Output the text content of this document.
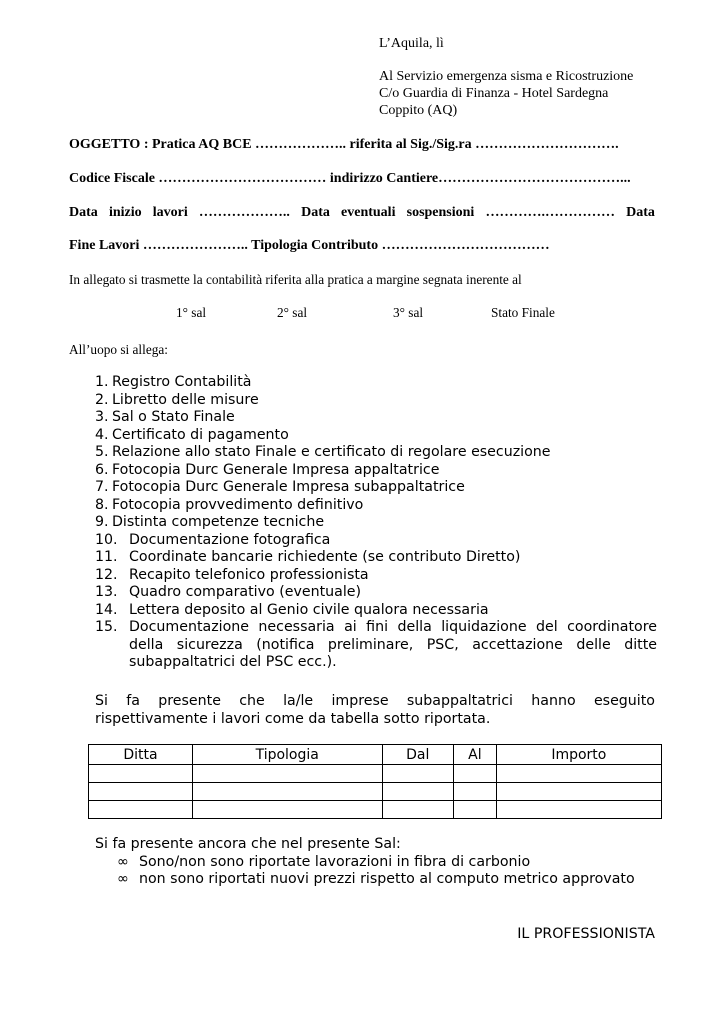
L’Aquila, lì
Al Servizio emergenza sisma e Ricostruzione
C/o Guardia di Finanza - Hotel Sardegna
Coppito (AQ)
OGGETTO : Pratica AQ BCE ……………….. riferita al Sig./Sig.ra ………………………….
Codice Fiscale ……………………………… indirizzo Cantiere…………………………………...
Data inizio lavori ……………….. Data eventuali sospensioni ………….…………… Data
Fine Lavori ………………….. Tipologia Contributo ………………………………
In allegato si trasmette la contabilità riferita alla pratica a margine segnata inerente al
1° sal	2° sal	3° sal	Stato Finale
All’uopo si allega:
1. Registro Contabilità
2. Libretto delle misure
3. Sal o Stato Finale
4. Certificato di pagamento
5. Relazione allo stato Finale e certificato di regolare esecuzione
6. Fotocopia Durc Generale Impresa appaltatrice
7. Fotocopia Durc Generale Impresa subappaltatrice
8. Fotocopia provvedimento definitivo
9. Distinta competenze tecniche
10. Documentazione fotografica
11. Coordinate bancarie richiedente (se contributo Diretto)
12. Recapito telefonico professionista
13. Quadro comparativo (eventuale)
14. Lettera deposito al Genio civile qualora necessaria
15. Documentazione necessaria ai fini della liquidazione del coordinatore della sicurezza (notifica preliminare, PSC, accettazione delle ditte subappaltatrici del PSC ecc.).
Si fa presente che la/le imprese subappaltatrici hanno eseguito rispettivamente i lavori come da tabella sotto riportata.
Ditta	Tipologia	Dal	Al	Importo

Si fa presente ancora che nel presente Sal:
∞ Sono/non sono riportate lavorazioni in fibra di carbonio
∞ non sono riportati nuovi prezzi rispetto al computo metrico approvato
IL PROFESSIONISTA
